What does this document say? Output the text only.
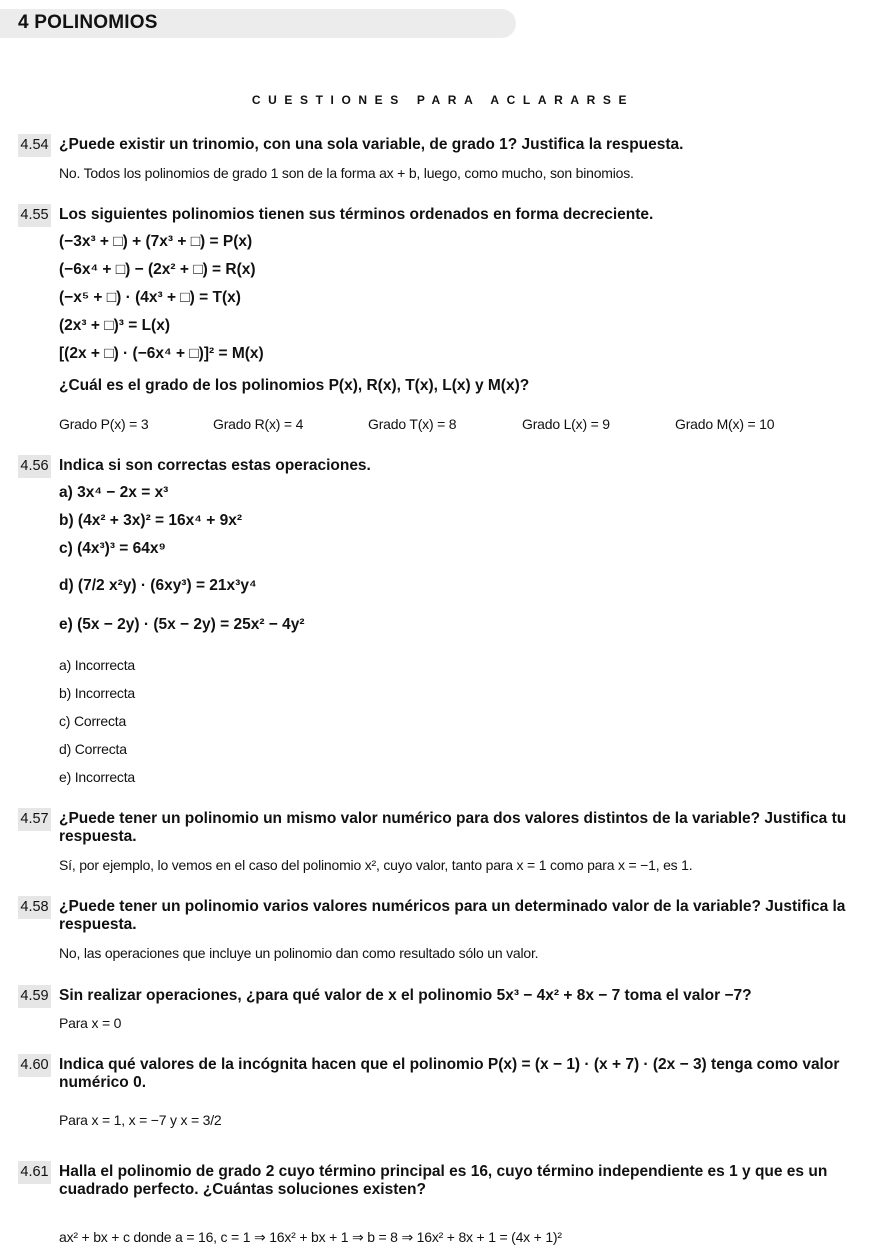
4 POLINOMIOS
CUESTIONES PARA ACLARARSE
4.54 ¿Puede existir un trinomio, con una sola variable, de grado 1? Justifica la respuesta.
No. Todos los polinomios de grado 1 son de la forma ax + b, luego, como mucho, son binomios.
4.55 Los siguientes polinomios tienen sus términos ordenados en forma decreciente.
(−3x³ + □) + (7x³ + □) = P(x)
(−6x⁴ + □) − (2x² + □) = R(x)
(−x⁵ + □) · (4x³ + □) = T(x)
(2x³ + □)³ = L(x)
[(2x + □) · (−6x⁴ + □)]² = M(x)
¿Cuál es el grado de los polinomios P(x), R(x), T(x), L(x) y M(x)?
Grado P(x) = 3	Grado R(x) = 4	Grado T(x) = 8	Grado L(x) = 9	Grado M(x) = 10
4.56 Indica si son correctas estas operaciones.
a) 3x⁴ − 2x = x³
b) (4x² + 3x)² = 16x⁴ + 9x²
c) (4x³)³ = 64x⁹
d) (7/2 x²y) · (6xy³) = 21x³y⁴
e) (5x − 2y) · (5x − 2y) = 25x² − 4y²
a) Incorrecta
b) Incorrecta
c) Correcta
d) Correcta
e) Incorrecta
4.57 ¿Puede tener un polinomio un mismo valor numérico para dos valores distintos de la variable? Justifica tu respuesta.
Sí, por ejemplo, lo vemos en el caso del polinomio x², cuyo valor, tanto para x = 1 como para x = −1, es 1.
4.58 ¿Puede tener un polinomio varios valores numéricos para un determinado valor de la variable? Justifica la respuesta.
No, las operaciones que incluye un polinomio dan como resultado sólo un valor.
4.59 Sin realizar operaciones, ¿para qué valor de x el polinomio 5x³ − 4x² + 8x − 7 toma el valor −7?
Para x = 0
4.60 Indica qué valores de la incógnita hacen que el polinomio P(x) = (x − 1) · (x + 7) · (2x − 3) tenga como valor numérico 0.
Para x = 1, x = −7 y x = 3/2
4.61 Halla el polinomio de grado 2 cuyo término principal es 16, cuyo término independiente es 1 y que es un cuadrado perfecto. ¿Cuántas soluciones existen?
ax² + bx + c donde a = 16, c = 1 ⇒ 16x² + bx + 1 ⇒ b = 8 ⇒ 16x² + 8x + 1 = (4x + 1)²
